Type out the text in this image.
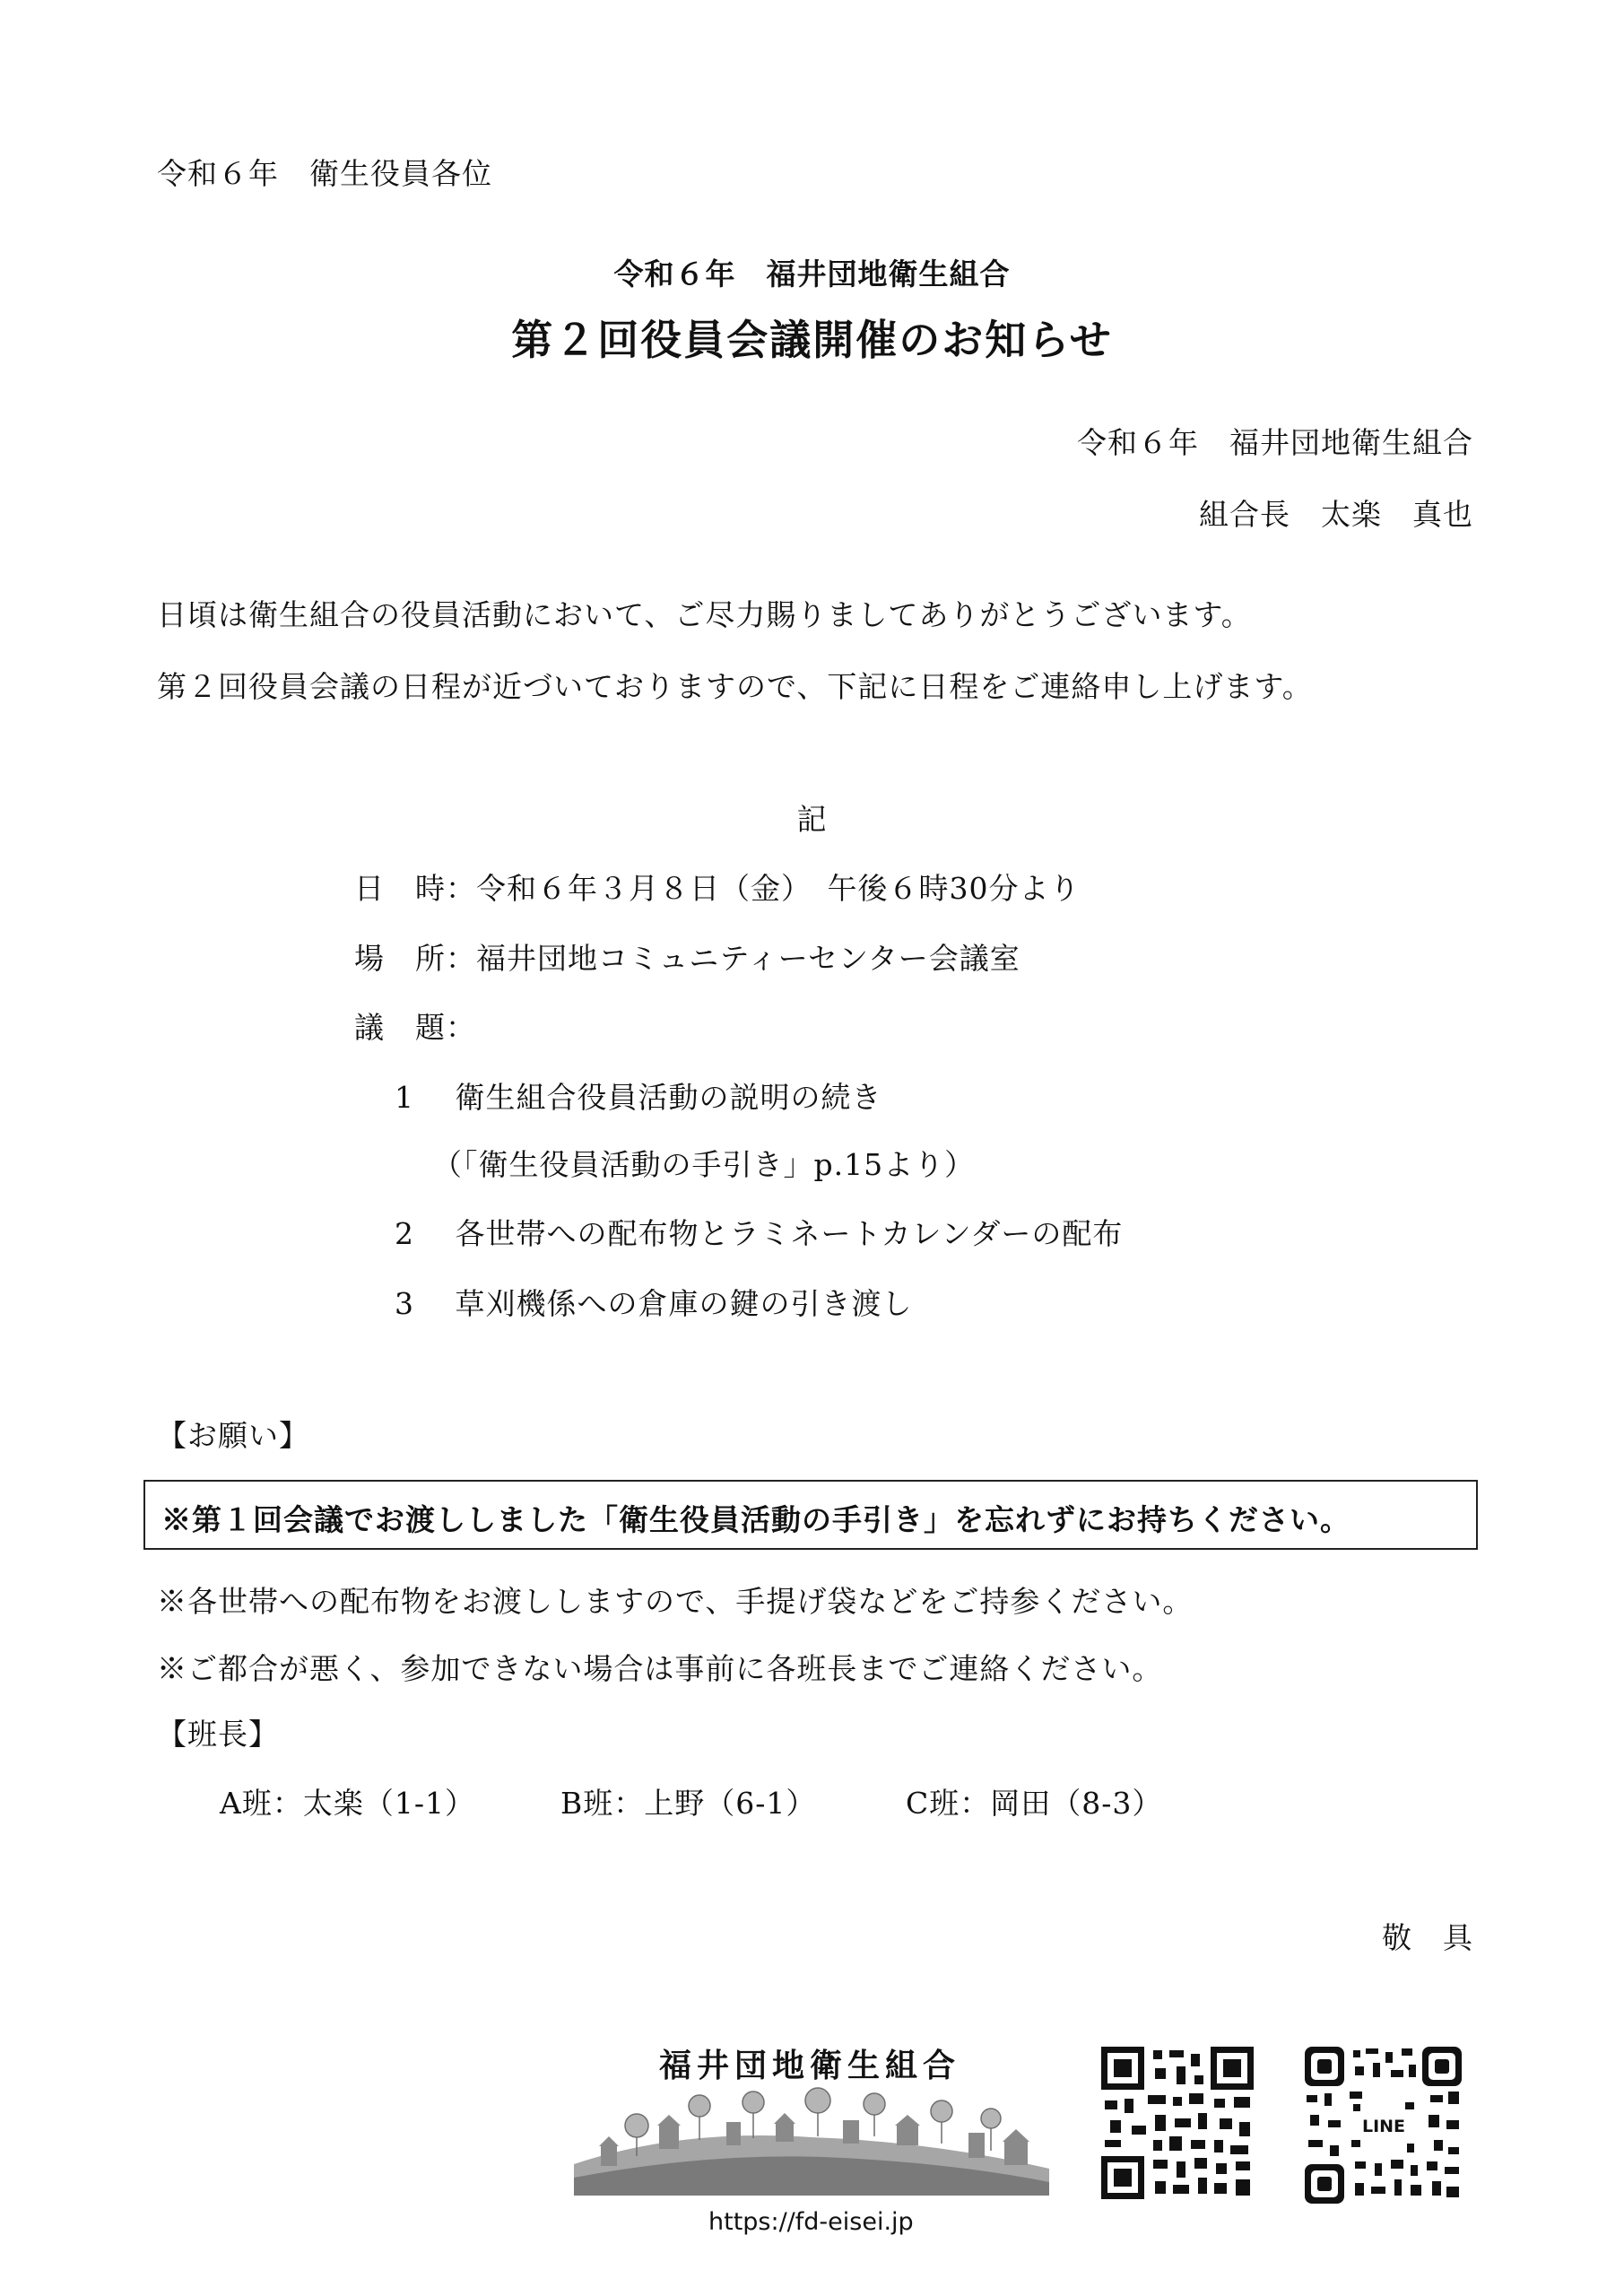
令和６年　衛生役員各位
令和６年　福井団地衛生組合
第２回役員会議開催のお知らせ
令和６年　福井団地衛生組合
組合長　太楽　真也
日頃は衛生組合の役員活動において、ご尽力賜りましてありがとうございます。
第２回役員会議の日程が近づいておりますので、下記に日程をご連絡申し上げます。
記
日　時：令和６年３月８日（金）　午後６時30分より
場　所：福井団地コミュニティーセンター会議室
議　題：
1　 衛生組合役員活動の説明の続き
（「衛生役員活動の手引き」p.15より）
2　 各世帯への配布物とラミネートカレンダーの配布
3　 草刈機係への倉庫の鍵の引き渡し
【お願い】
※第１回会議でお渡ししました「衛生役員活動の手引き」を忘れずにお持ちください。
※各世帯への配布物をお渡ししますので、手提げ袋などをご持参ください。
※ご都合が悪く、参加できない場合は事前に各班長までご連絡ください。
【班長】
A班：太楽（1-1）	B班：上野（6-1）	C班：岡田（8-3）
敬　具
福井団地衛生組合
https://fd-eisei.jp
LINE
